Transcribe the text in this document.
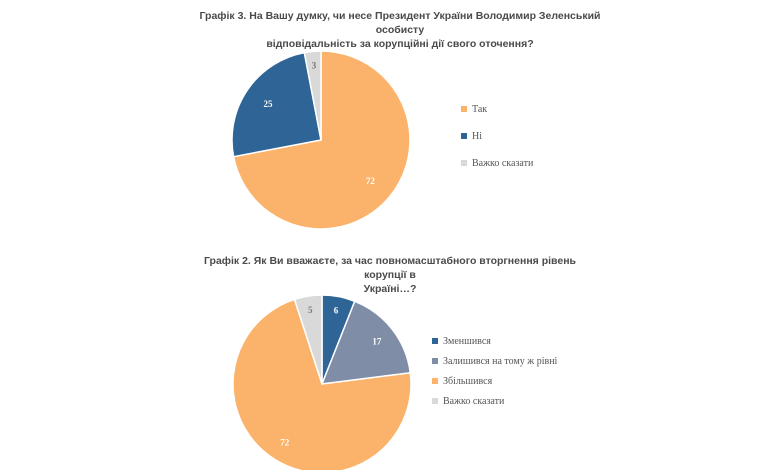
Графік 3. На Вашу думку, чи несе Президент України Володимир Зеленський особисту
відповідальність за корупційні дії свого оточення?
Графік 2. Як Ви вважаєте, за час повномасштабного вторгнення рівень корупції в
Україні…?
72
25
3
6
17
72
5
Так
Ні
Важко сказати
Зменшився
Залишився на тому ж рівні
Збільшився
Важко сказати
